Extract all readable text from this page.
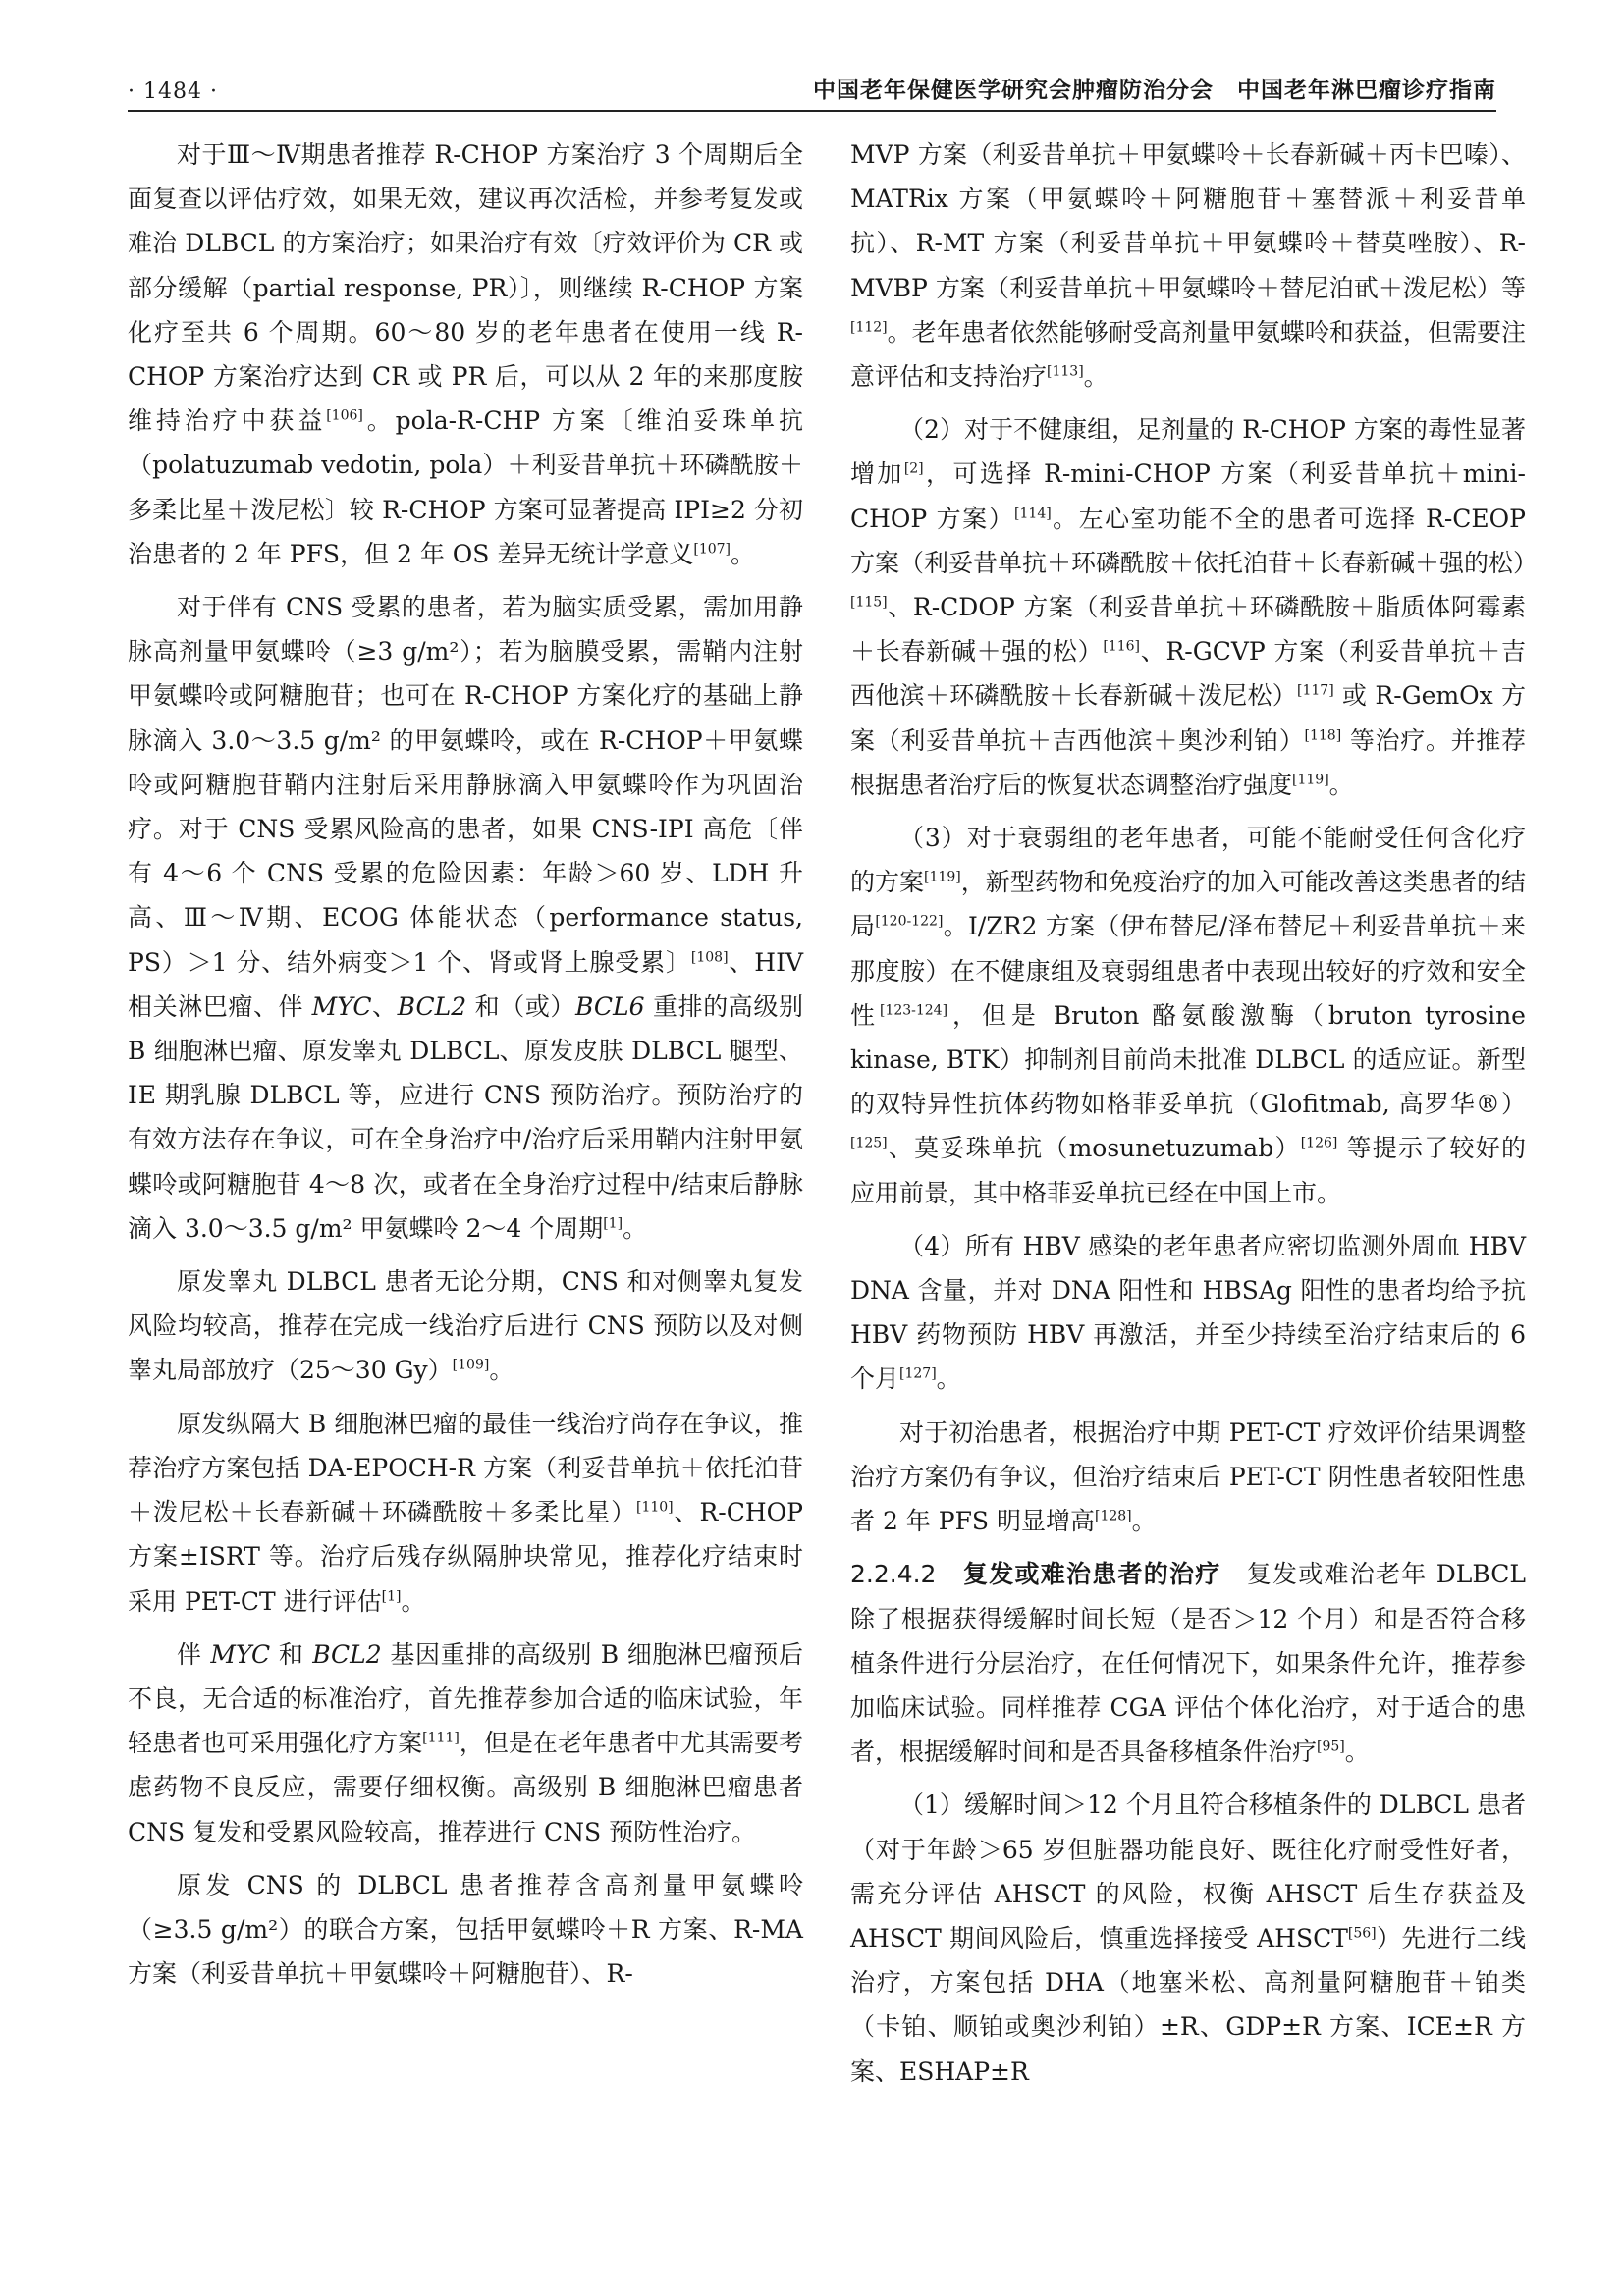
· 1484 ·	中国老年保健医学研究会肿瘤防治分会　中国老年淋巴瘤诊疗指南

对于Ⅲ～Ⅳ期患者推荐 R-CHOP 方案治疗 3 个周期后全面复查以评估疗效，如果无效，建议再次活检，并参考复发或难治 DLBCL 的方案治疗；如果治疗有效〔疗效评价为 CR 或部分缓解（partial response, PR）〕，则继续 R-CHOP 方案化疗至共 6 个周期。60～80 岁的老年患者在使用一线 R-CHOP 方案治疗达到 CR 或 PR 后，可以从 2 年的来那度胺维持治疗中获益[106]。pola-R-CHP 方案〔维泊妥珠单抗（polatuzumab vedotin, pola）＋利妥昔单抗＋环磷酰胺＋多柔比星＋泼尼松〕较 R-CHOP 方案可显著提高 IPI≥2 分初治患者的 2 年 PFS，但 2 年 OS 差异无统计学意义[107]。

对于伴有 CNS 受累的患者，若为脑实质受累，需加用静脉高剂量甲氨蝶呤（≥3 g/m²）；若为脑膜受累，需鞘内注射甲氨蝶呤或阿糖胞苷；也可在 R-CHOP 方案化疗的基础上静脉滴入 3.0～3.5 g/m² 的甲氨蝶呤，或在 R-CHOP＋甲氨蝶呤或阿糖胞苷鞘内注射后采用静脉滴入甲氨蝶呤作为巩固治疗。对于 CNS 受累风险高的患者，如果 CNS-IPI 高危〔伴有 4～6 个 CNS 受累的危险因素：年龄＞60 岁、LDH 升高、Ⅲ～Ⅳ期、ECOG 体能状态（performance status, PS）＞1 分、结外病变＞1 个、肾或肾上腺受累〕[108]、HIV 相关淋巴瘤、伴 MYC、BCL2 和（或）BCL6 重排的高级别 B 细胞淋巴瘤、原发睾丸 DLBCL、原发皮肤 DLBCL 腿型、ⅠE 期乳腺 DLBCL 等，应进行 CNS 预防治疗。预防治疗的有效方法存在争议，可在全身治疗中/治疗后采用鞘内注射甲氨蝶呤或阿糖胞苷 4～8 次，或者在全身治疗过程中/结束后静脉滴入 3.0～3.5 g/m² 甲氨蝶呤 2～4 个周期[1]。

原发睾丸 DLBCL 患者无论分期，CNS 和对侧睾丸复发风险均较高，推荐在完成一线治疗后进行 CNS 预防以及对侧睾丸局部放疗（25～30 Gy）[109]。

原发纵隔大 B 细胞淋巴瘤的最佳一线治疗尚存在争议，推荐治疗方案包括 DA-EPOCH-R 方案（利妥昔单抗＋依托泊苷＋泼尼松＋长春新碱＋环磷酰胺＋多柔比星）[110]、R-CHOP 方案±ISRT 等。治疗后残存纵隔肿块常见，推荐化疗结束时采用 PET-CT 进行评估[1]。

伴 MYC 和 BCL2 基因重排的高级别 B 细胞淋巴瘤预后不良，无合适的标准治疗，首先推荐参加合适的临床试验，年轻患者也可采用强化疗方案[111]，但是在老年患者中尤其需要考虑药物不良反应，需要仔细权衡。高级别 B 细胞淋巴瘤患者 CNS 复发和受累风险较高，推荐进行 CNS 预防性治疗。

原发 CNS 的 DLBCL 患者推荐含高剂量甲氨蝶呤（≥3.5 g/m²）的联合方案，包括甲氨蝶呤＋R 方案、R-MA 方案（利妥昔单抗＋甲氨蝶呤＋阿糖胞苷）、R-

MVP 方案（利妥昔单抗＋甲氨蝶呤＋长春新碱＋丙卡巴嗪）、MATRix 方案（甲氨蝶呤＋阿糖胞苷＋塞替派＋利妥昔单抗）、R-MT 方案（利妥昔单抗＋甲氨蝶呤＋替莫唑胺）、R-MVBP 方案（利妥昔单抗＋甲氨蝶呤＋替尼泊甙＋泼尼松）等[112]。老年患者依然能够耐受高剂量甲氨蝶呤和获益，但需要注意评估和支持治疗[113]。

（2）对于不健康组，足剂量的 R-CHOP 方案的毒性显著增加[2]，可选择 R-mini-CHOP 方案（利妥昔单抗＋mini-CHOP 方案）[114]。左心室功能不全的患者可选择 R-CEOP 方案（利妥昔单抗＋环磷酰胺＋依托泊苷＋长春新碱＋强的松）[115]、R-CDOP 方案（利妥昔单抗＋环磷酰胺＋脂质体阿霉素＋长春新碱＋强的松）[116]、R-GCVP 方案（利妥昔单抗＋吉西他滨＋环磷酰胺＋长春新碱＋泼尼松）[117] 或 R-GemOx 方案（利妥昔单抗＋吉西他滨＋奥沙利铂）[118] 等治疗。并推荐根据患者治疗后的恢复状态调整治疗强度[119]。

（3）对于衰弱组的老年患者，可能不能耐受任何含化疗的方案[119]，新型药物和免疫治疗的加入可能改善这类患者的结局[120-122]。I/ZR2 方案（伊布替尼/泽布替尼＋利妥昔单抗＋来那度胺）在不健康组及衰弱组患者中表现出较好的疗效和安全性[123-124]，但是 Bruton 酪氨酸激酶（bruton tyrosine kinase, BTK）抑制剂目前尚未批准 DLBCL 的适应证。新型的双特异性抗体药物如格菲妥单抗（Glofitmab, 高罗华®）[125]、莫妥珠单抗（mosunetuzumab）[126] 等提示了较好的应用前景，其中格菲妥单抗已经在中国上市。

（4）所有 HBV 感染的老年患者应密切监测外周血 HBV DNA 含量，并对 DNA 阳性和 HBSAg 阳性的患者均给予抗 HBV 药物预防 HBV 再激活，并至少持续至治疗结束后的 6 个月[127]。

对于初治患者，根据治疗中期 PET-CT 疗效评价结果调整治疗方案仍有争议，但治疗结束后 PET-CT 阴性患者较阳性患者 2 年 PFS 明显增高[128]。

2.2.4.2　 复发或难治患者的治疗　复发或难治老年 DLBCL 除了根据获得缓解时间长短（是否＞12 个月）和是否符合移植条件进行分层治疗，在任何情况下，如果条件允许，推荐参加临床试验。同样推荐 CGA 评估个体化治疗，对于适合的患者，根据缓解时间和是否具备移植条件治疗[95]。

（1）缓解时间＞12 个月且符合移植条件的 DLBCL 患者（对于年龄＞65 岁但脏器功能良好、既往化疗耐受性好者，需充分评估 AHSCT 的风险，权衡 AHSCT 后生存获益及 AHSCT 期间风险后，慎重选择接受 AHSCT[56]）先进行二线治疗，方案包括 DHA（地塞米松、高剂量阿糖胞苷＋铂类（卡铂、顺铂或奥沙利铂）±R、GDP±R 方案、ICE±R 方案、ESHAP±R
